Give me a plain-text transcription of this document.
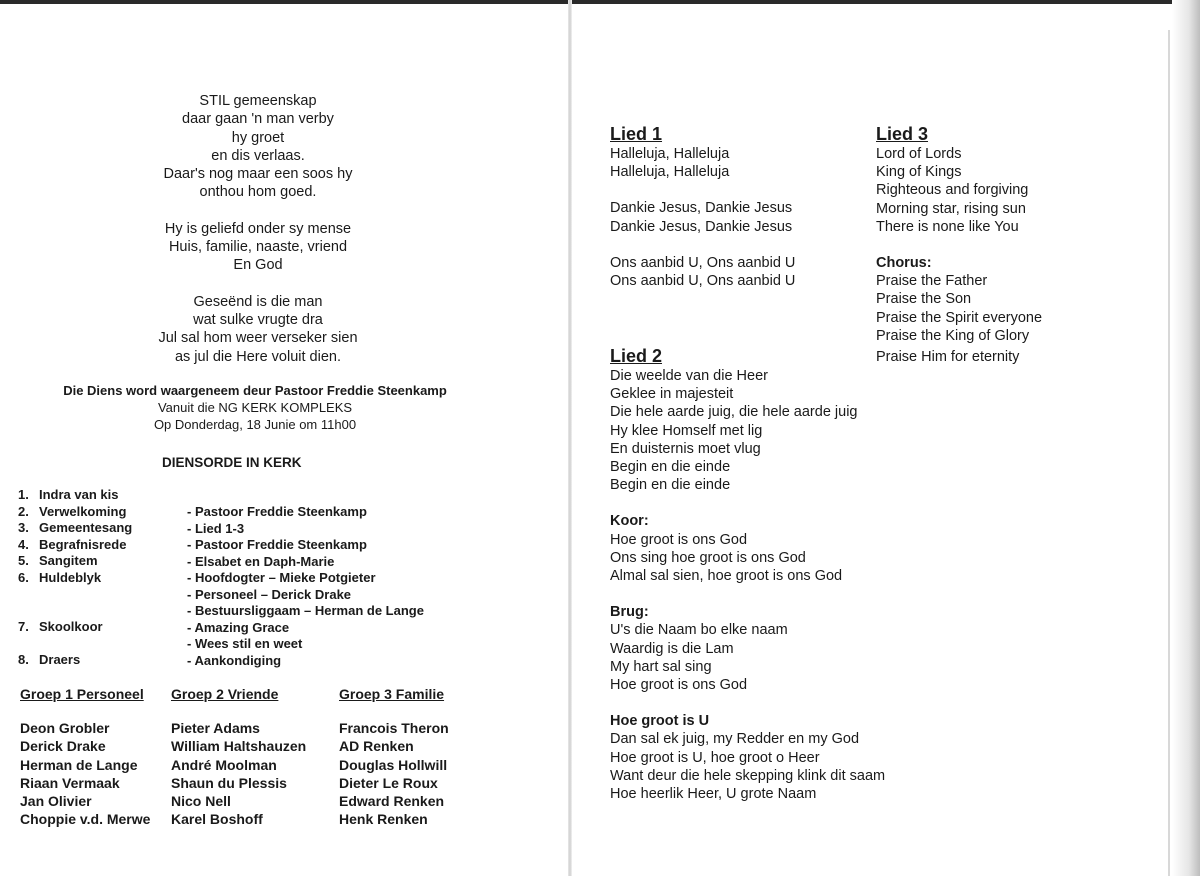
STIL gemeenskap
daar gaan 'n man verby
hy groet
en dis verlaas.
Daar's nog maar een soos hy
onthou hom goed.
Hy is geliefd onder sy mense
Huis, familie, naaste, vriend
En God
Geseënd is die man
wat sulke vrugte dra
Jul sal hom weer verseker sien
as jul die Here voluit dien.
Die Diens word waargeneem deur Pastoor Freddie Steenkamp
Vanuit die NG KERK KOMPLEKS
Op Donderdag, 18 Junie om 11h00
DIENSORDE IN KERK
1. Indra van kis
2. Verwelkoming
3. Gemeentesang
4. Begrafnisrede
5. Sangitem
6. Huldeblyk
7. Skoolkoor
8. Draers
- Pastoor Freddie Steenkamp
- Lied 1-3
- Pastoor Freddie Steenkamp
- Elsabet en Daph-Marie
- Hoofdogter – Mieke Potgieter
- Personeel – Derick Drake
- Bestuursliggaam – Herman de Lange
- Amazing Grace
- Wees stil en weet
- Aankondiging
Groep 1 Personeel
Deon Grobler
Derick Drake
Herman de Lange
Riaan Vermaak
Jan Olivier
Choppie v.d. Merwe
Groep 2 Vriende
Pieter Adams
William Haltshauzen
André Moolman
Shaun du Plessis
Nico Nell
Karel Boshoff
Groep 3 Familie
Francois Theron
AD Renken
Douglas Hollwill
Dieter Le Roux
Edward Renken
Henk Renken
Lied 1
Halleluja, Halleluja
Halleluja, Halleluja
Dankie Jesus, Dankie Jesus
Dankie Jesus, Dankie Jesus
Ons aanbid U, Ons aanbid U
Ons aanbid U, Ons aanbid U
Lied 2
Die weelde van die Heer
Geklee in majesteit
Die hele aarde juig, die hele aarde juig
Hy klee Homself met lig
En duisternis moet vlug
Begin en die einde
Begin en die einde
Koor:
Hoe groot is ons God
Ons sing hoe groot is ons God
Almal sal sien, hoe groot is ons God
Brug:
U's die Naam bo elke naam
Waardig is die Lam
My hart sal sing
Hoe groot is ons God
Hoe groot is U
Dan sal ek juig, my Redder en my God
Hoe groot is U, hoe groot o Heer
Want deur die hele skepping klink dit saam
Hoe heerlik Heer, U grote Naam
Lied 3
Lord of Lords
King of Kings
Righteous and forgiving
Morning star, rising sun
There is none like You
Chorus:
Praise the Father
Praise the Son
Praise the Spirit everyone
Praise the King of Glory
Praise Him for eternity
